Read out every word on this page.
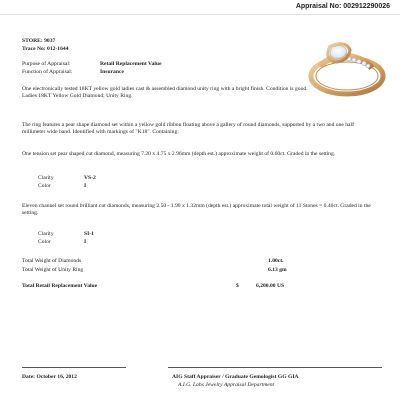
Appraisal No: 002912290026
STORE: 9037
Trace No: 012-1644
Purpose of Appraisal:	Retail Replacement Value
Function of Appraisal:	Insurance
One electronically tested 18KT yellow gold ladies cast & assembled diamond unity ring with a bright finish. Condition is good. Ladies 18KT Yellow Gold Diamond; Unity Ring.
The ring features a pear shape diamond set within a yellow gold ribbon floating above a gallery of round diamonds, supported by a two and one half millimeter wide band. Identified with markings of "K18". Containing:
One tension set pear shaped cut diamond, measuring 7.20 x 4.75 x 2.96mm (depth est.) approximate weight of 0.60ct. Graded in the setting.
Clarity	VS-2
Color	I
Eleven channel set round brilliant cut diamonds, measuring 2.50 - 1.90 x 1.32mm (depth est.) approximate total weight of 11 Stones = 0.40ct. Graded in the setting.
Clarity	SI-1
Color	I
Total Weight of Diamonds	1.00ct.
Total Weight of Unity Ring	6.13 gm
Total Retail Replacement Value	$	6,200.00 US
Date: October 16, 2012	AIG Staff Appraiser / Graduate Gemologist GG GIA
A.I.G. Labs Jewelry Appraisal Department
